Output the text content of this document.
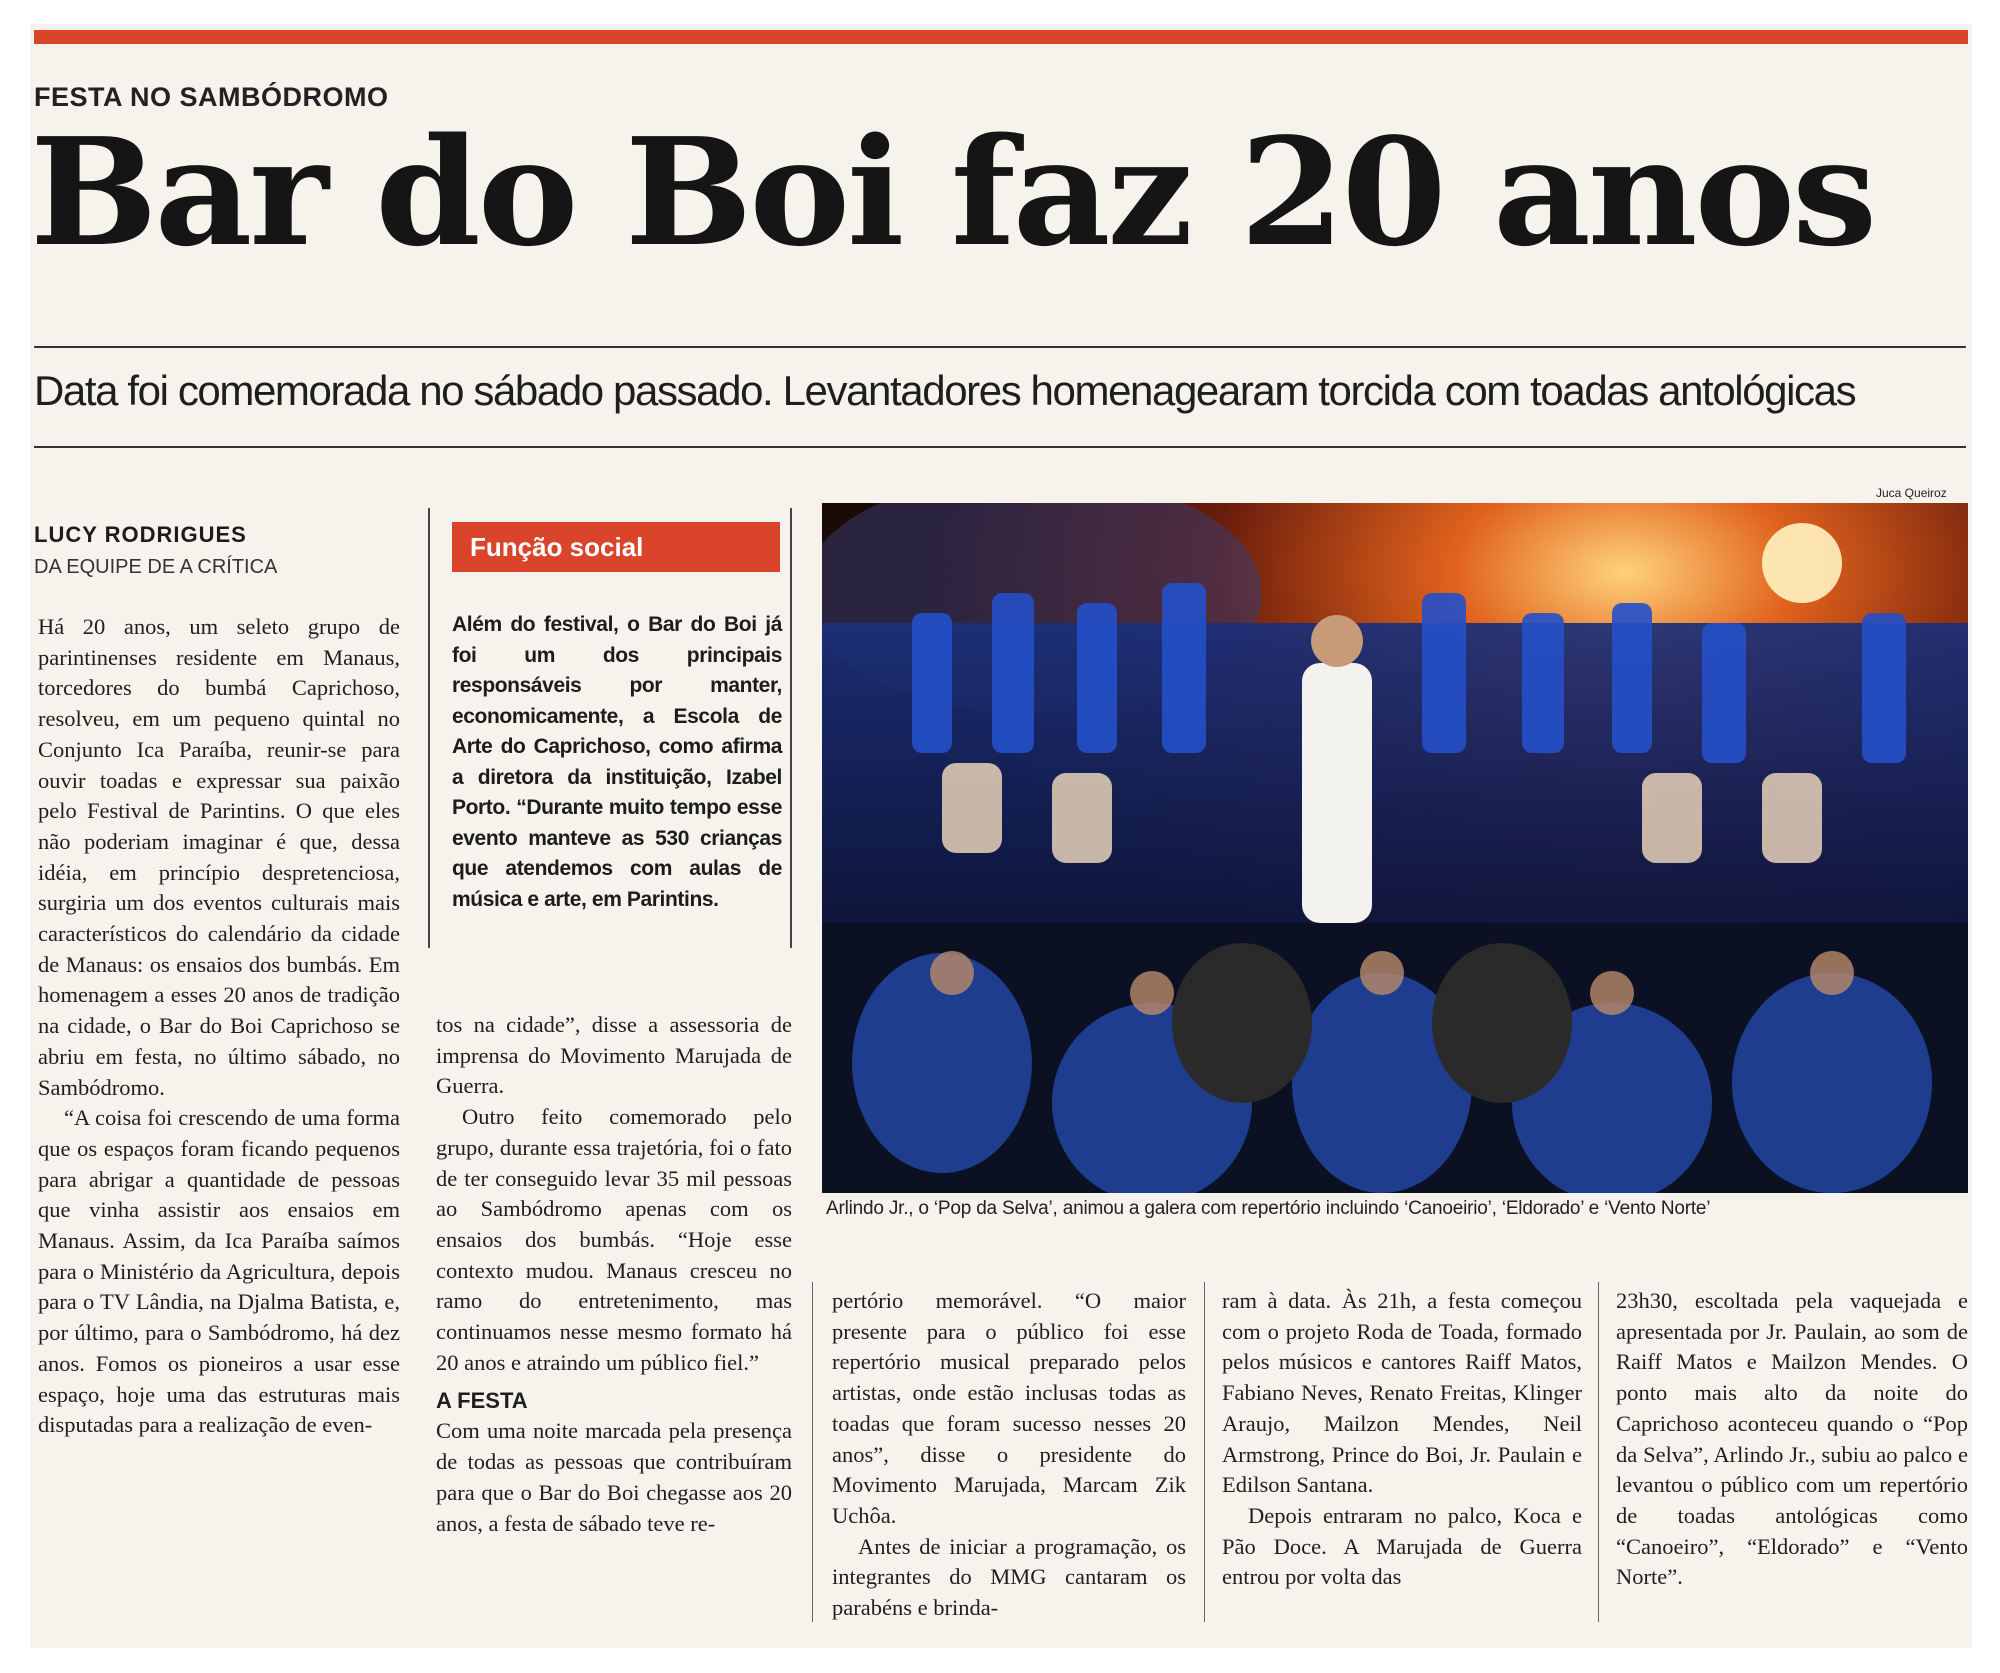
FESTA NO SAMBÓDROMO
Bar do Boi faz 20 anos
Data foi comemorada no sábado passado. Levantadores homenagearam torcida com toadas antológicas
LUCY RODRIGUES
DA EQUIPE DE A CRÍTICA

Há 20 anos, um seleto grupo de parintinenses residente em Manaus, torcedores do bumbá Caprichoso, resolveu, em um pequeno quintal no Conjunto Ica Paraíba, reunir-se para ouvir toadas e expressar sua paixão pelo Festival de Parintins. O que eles não poderiam imaginar é que, dessa idéia, em princípio despretenciosa, surgiria um dos eventos culturais mais característicos do calendário da cidade de Manaus: os ensaios dos bumbás. Em homenagem a esses 20 anos de tradição na cidade, o Bar do Boi Caprichoso se abriu em festa, no último sábado, no Sambódromo.

“A coisa foi crescendo de uma forma que os espaços foram ficando pequenos para abrigar a quantidade de pessoas que vinha assistir aos ensaios em Manaus. Assim, da Ica Paraíba saímos para o Ministério da Agricultura, depois para o TV Lândia, na Djalma Batista, e, por último, para o Sambódromo, há dez anos. Fomos os pioneiros a usar esse espaço, hoje uma das estruturas mais disputadas para a realização de even-

Função social
Além do festival, o Bar do Boi já foi um dos principais responsáveis por manter, economicamente, a Escola de Arte do Caprichoso, como afirma a diretora da instituição, Izabel Porto. “Durante muito tempo esse evento manteve as 530 crianças que atendemos com aulas de música e arte, em Parintins.

tos na cidade”, disse a assessoria de imprensa do Movimento Marujada de Guerra.

Outro feito comemorado pelo grupo, durante essa trajetória, foi o fato de ter conseguido levar 35 mil pessoas ao Sambódromo apenas com os ensaios dos bumbás. “Hoje esse contexto mudou. Manaus cresceu no ramo do entretenimento, mas continuamos nesse mesmo formato há 20 anos e atraindo um público fiel.”

A FESTA

Com uma noite marcada pela presença de todas as pessoas que contribuíram para que o Bar do Boi chegasse aos 20 anos, a festa de sábado teve re-

Juca Queiroz
Arlindo Jr., o ‘Pop da Selva’, animou a galera com repertório incluindo ‘Canoeirio’, ‘Eldorado’ e ‘Vento Norte’

pertório memorável. “O maior presente para o público foi esse repertório musical preparado pelos artistas, onde estão inclusas todas as toadas que foram sucesso nesses 20 anos”, disse o presidente do Movimento Marujada, Marcam Zik Uchôa.

Antes de iniciar a programação, os integrantes do MMG cantaram os parabéns e brinda-

ram à data. Às 21h, a festa começou com o projeto Roda de Toada, formado pelos músicos e cantores Raiff Matos, Fabiano Neves, Renato Freitas, Klinger Araujo, Mailzon Mendes, Neil Armstrong, Prince do Boi, Jr. Paulain e Edilson Santana.

Depois entraram no palco, Koca e Pão Doce. A Marujada de Guerra entrou por volta das

23h30, escoltada pela vaquejada e apresentada por Jr. Paulain, ao som de Raiff Matos e Mailzon Mendes. O ponto mais alto da noite do Caprichoso aconteceu quando o “Pop da Selva”, Arlindo Jr., subiu ao palco e levantou o público com um repertório de toadas antológicas como “Canoeiro”, “Eldorado” e “Vento Norte”.
